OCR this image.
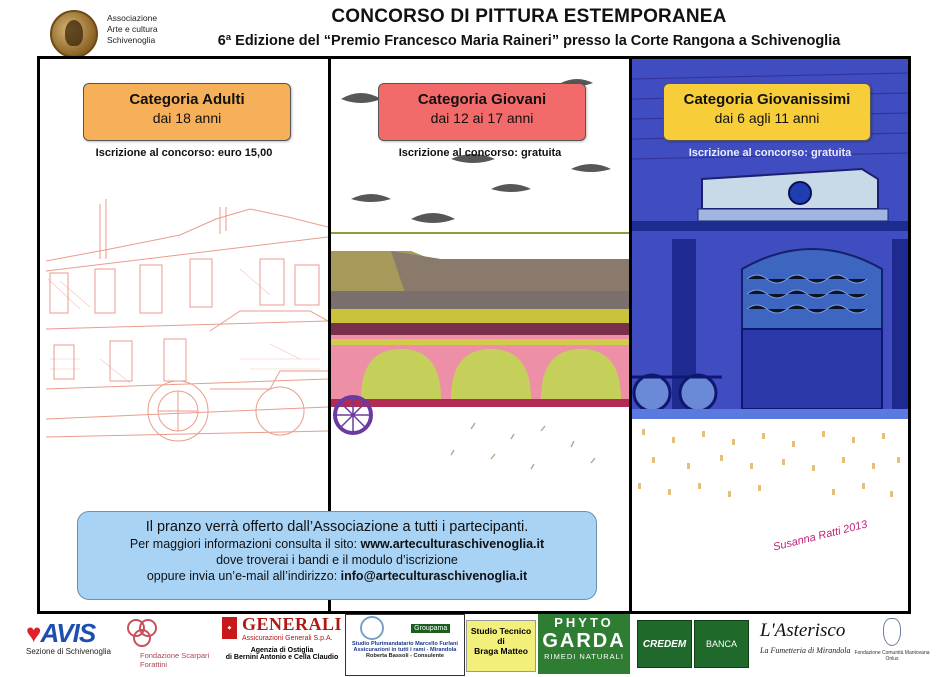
Associazione
Arte e cultura
Schivenoglia
CONCORSO DI PITTURA ESTEMPORANEA
6ª Edizione del “Premio Francesco Maria Raineri” presso la Corte Rangona a Schivenoglia
Categoria Adulti
dai 18 anni
Iscrizione al concorso: euro 15,00
Categoria Giovani
dai 12 ai 17 anni
Iscrizione al concorso: gratuita
Categoria Giovanissimi
dai 6 agli 11 anni
Iscrizione al concorso: gratuita
Il pranzo verrà offerto dall’Associazione a tutti i partecipanti.
Per maggiori informazioni consulta il sito: www.arteculturaschivenoglia.it
dove troverai i bandi e il modulo d’iscrizione
oppure invia un’e-mail all’indirizzo: info@arteculturaschivenoglia.it
Susanna Ratti 2013
♥AVIS
Sezione di Schivenoglia	Fondazione Scarpari Forattini
◆ GENERALI
Assicurazioni Generali S.p.A.
Agenzia di Ostiglia
di Bernini Antonio e Cella Claudio
Groupama
Studio Plurimandatario Marcello Furlani
Assicurazioni in tutti i rami - Mirandola
Roberta Bassoli - Consulente
Studio Tecnico
di
Braga Matteo
PHYTO
GARDA
RIMEDI NATURALI
CREDEM	BANCA
L'Asterisco
La Fumetteria di Mirandola Fondazione Comunità Mantovana Onlus
